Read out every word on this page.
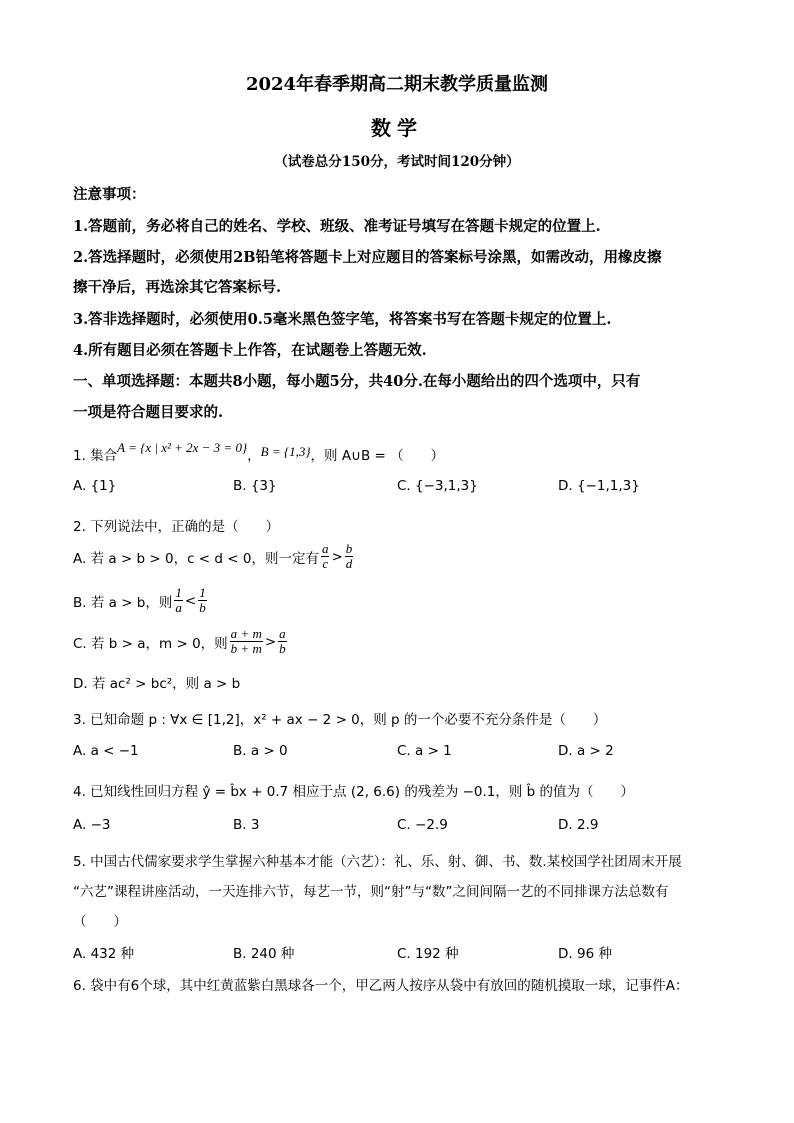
2024年春季期高二期末教学质量监测
数学
（试卷总分150分，考试时间120分钟）
注意事项：
1.答题前，务必将自己的姓名、学校、班级、准考证号填写在答题卡规定的位置上.
2.答选择题时，必须使用2B铅笔将答题卡上对应题目的答案标号涂黑，如需改动，用橡皮擦
擦干净后，再选涂其它答案标号.
3.答非选择题时，必须使用0.5毫米黑色签字笔，将答案书写在答题卡规定的位置上.
4.所有题目必须在答题卡上作答，在试题卷上答题无效.
一、单项选择题：本题共8小题，每小题5分，共40分.在每小题给出的四个选项中，只有
一项是符合题目要求的.
1. 集合A = {x | x² + 2x − 3 = 0}，B = {1,3}，则 A∪B = （　　）
A. {1}	B. {3}	C. {−3,1,3}	D. {−1,1,3}
2. 下列说法中，正确的是（　　）
A. 若 a > b > 0，c < d < 0，则一定有 $\frac{a}{c} > \frac{b}{d}$
B. 若 a > b，则 $\frac{1}{a} < \frac{1}{b}$
C. 若 b > a，m > 0，则 $\frac{a + m}{b + m} > \frac{a}{b}$
D. 若 ac² > bc²，则 a > b
3. 已知命题 p : ∀x ∈ [1,2]，x² + ax − 2 > 0，则 p 的一个必要不充分条件是（　　）
A. a < −1	B. a > 0	C. a > 1	D. a > 2
4. 已知线性回归方程 ŷ = b̂x + 0.7 相应于点 (2, 6.6) 的残差为 −0.1，则 b̂ 的值为（　　）
A. −3	B. 3	C. −2.9	D. 2.9
5. 中国古代儒家要求学生掌握六种基本才能（六艺）：礼、乐、射、御、书、数.某校国学社团周末开展
“六艺”课程讲座活动，一天连排六节，每艺一节，则“射”与“数”之间间隔一艺的不同排课方法总数有
（　　）
A. 432 种	B. 240 种	C. 192 种	D. 96 种
6. 袋中有6个球，其中红黄蓝紫白黑球各一个，甲乙两人按序从袋中有放回的随机摸取一球，记事件A：
